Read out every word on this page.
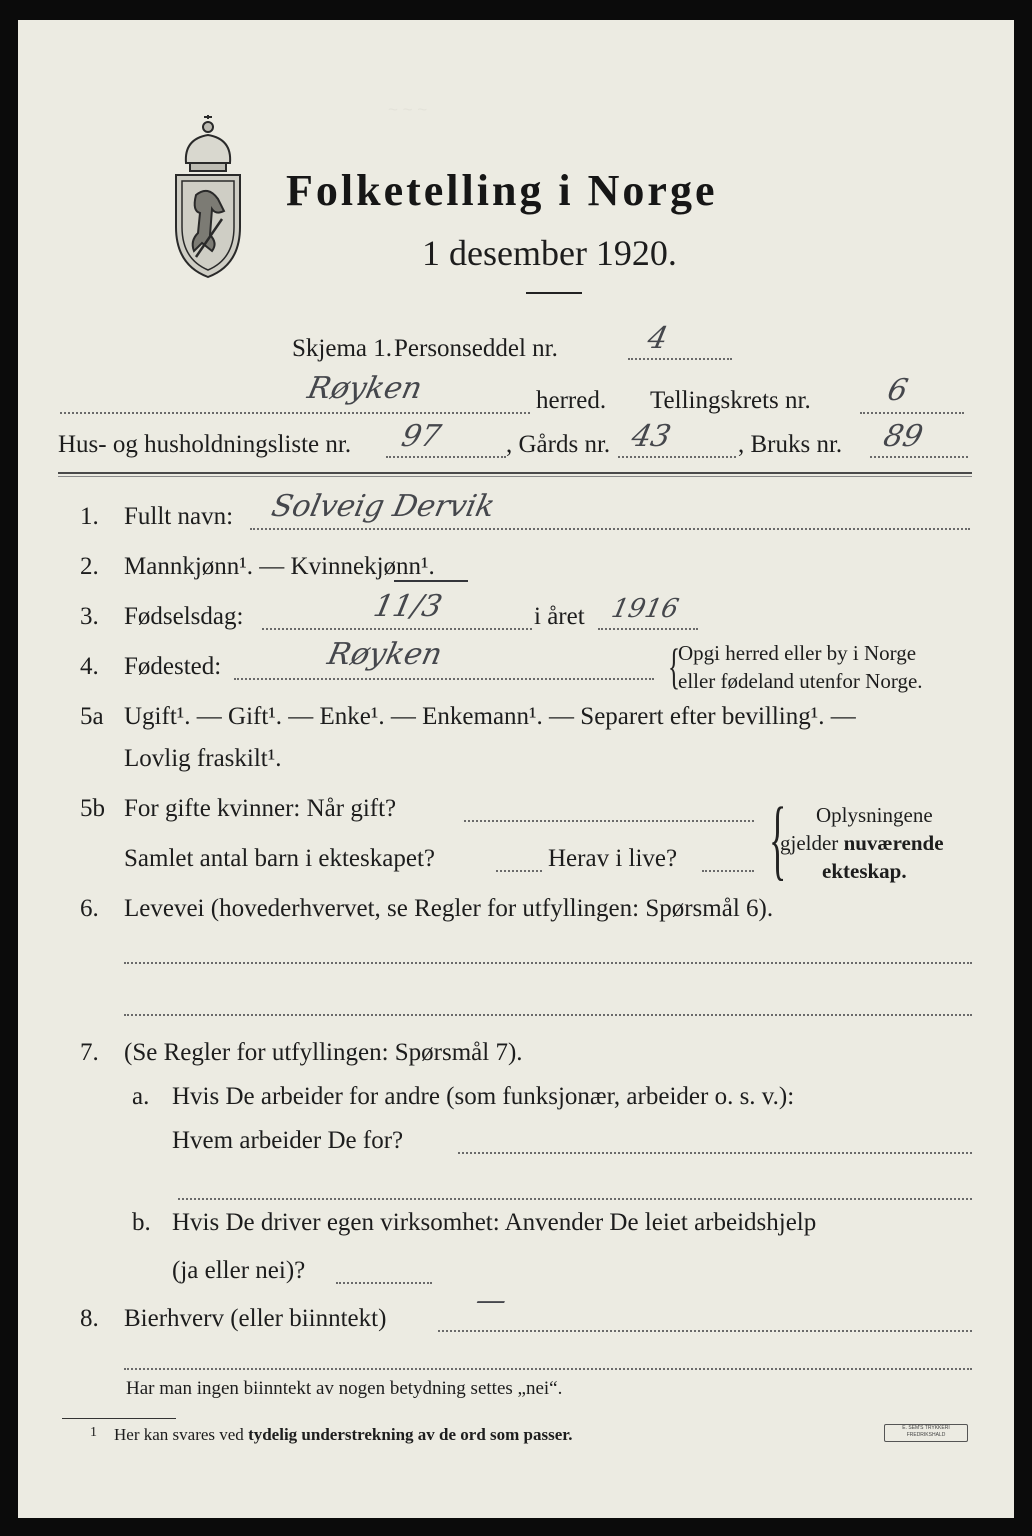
~ ~ ~
Folketelling i Norge
1 desember 1920.
Skjema 1. Personseddel nr.	4
Røyken	herred. Tellingskrets nr. 6
Hus- og husholdningsliste nr. 97 , Gårds nr. 43	, Bruks nr. 89
1. Fullt navn: Solveig Dervik
2. Mannkjønn¹. — Kvinnekjønn¹.
3. Fødselsdag:	11/3	i året 1916
4. Fødested:	Røyken	{
Opgi herred eller by i Norge
eller fødeland utenfor Norge.
5a Ugift¹. — Gift¹. — Enke¹. — Enkemann¹. — Separert efter bevilling¹. —
Lovlig fraskilt¹.
5b For gifte kvinner: Når gift?
Samlet antal barn i ekteskapet?	Herav i live? { Oplysningene
gjelder nuværende
ekteskap.
6. Levevei (hovederhvervet, se Regler for utfyllingen: Spørsmål 6).
7. (Se Regler for utfyllingen: Spørsmål 7).
a. Hvis De arbeider for andre (som funksjonær, arbeider o. s. v.):
Hvem arbeider De for?
b. Hvis De driver egen virksomhet: Anvender De leiet arbeidshjelp
(ja eller nei)?
8. Bierhverv (eller biinntekt)
—
Har man ingen biinntekt av nogen betydning settes „nei“.
1 Her kan svares ved tydelig understrekning av de ord som passer.	E. SEM'S TRYKKERI FREDRIKSHALD
